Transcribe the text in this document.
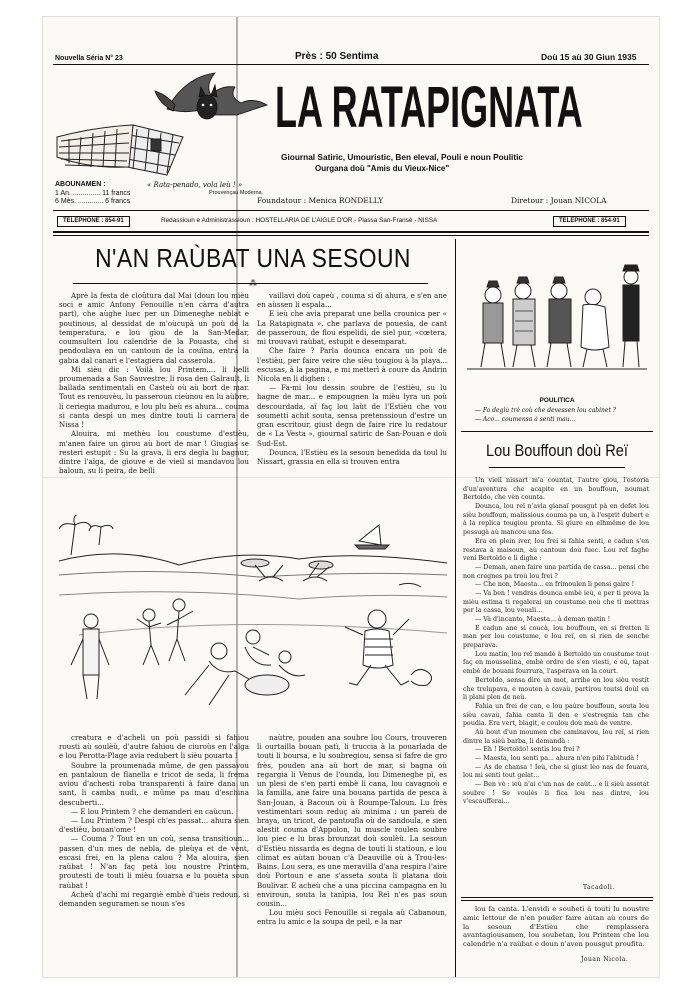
Nouvella Séria N° 23	Près : 50 Sentima	Doù 15 aù 30 Giun 1935
ABOUNAMEN :
1 An. .............. 11 francs
6 Mès. ............. 6 francs
« Rata-penado, vola leù ! »
Prouvençau Moderna.
LA RATAPIGNATA
Giournal Satiric, Umouristic, Ben eleval, Pouli e noun Poulitic
Ourgana doù "Amis du Vieux-Nice"
Foundatour : Menica RONDELLY	Diretour : Jouan NICOLA
TELEPHONE : 854-91	Redassioun e Administrassioun : HOSTELLARIA DE L'AIGLE D'OR - Plassa San-Fransè - NISSA	TELEPHONE : 854-91
N'AN RAÙBAT UNA SESOUN
⁂

Aprè la festa de cloûtura dal Mai (doun lou mièu soci e amic Antony Fenouille n'en càrra d'autra part), che aùghe luec per un Dimeneghe neblat e poutinous, al dessidat de m'oùcupà un poù de la temperatura, e lou gìou de la San-Medar, coumsulteri lou calendrìe de la Pouasta, che si pendoulava en un cantoun de la couïna, entra la gabia dal canari e l'estagiera dal casserola.

Mi sièu dic : Voilà lou Printem.... li belli proumenada a San Sauvestre, li rosa den Galrault, li ballada sentimentali en Casteù où aù bort de mar. Tout es renouvèu, lu passeroun cieùnou en lu aùbre, li ceriegia madurou, e lou plu beù es ahura... couma si canta despì un mes dintre touti li carriera de Nissa !

Alouira, mi methèu lou coustume d'estièu, m'anen faire un girou aù bort de mar ! Giugias se resteri estupit : Su la grava, li era degìa lu bagnur, dintre l'aïga, de gìouve e de vieil si mandavou lou baloun, su li peira, de belli

vaillavi doù capeù , couma si dì ahura, e s'en ane en aùssen li espala...

E ieù che avia preparat une bella crounica per « La Ratapignata », che parlava de pouesìa, de cant de passeroun, de flou espelidi, de siel pur, «cœtera, mi trouvavi raùbat, estupit e desemparat.

Che faire ? Parla dounca encara un poù de l'estièu, per faire veire che sièu tougiou à la playa... escusas, à la pagina, e mi metterì à coure da Andrin Nicola en li dighen :

— Fa-mi lou dessin soubre de l'estièu, su lu bagne de mar... e empougnen la mièu lyra un poù descourdada, aï faç lou laùt de l'Estièu che vou soumetti achit souta, sensa pretenssioun d'estre un gran escritour, giust degn de faire rire lu redatour de « La Vesta », giournal satiric de San-Pouan e doù Sud-Est.

Dounca, l'Estièu es la sesoun benedida da toul lu Nissart, grassia en ella si trouven entra

creatura e d'acheli un poù passidi si fahiou rousti aù soulèù, d'autre fahiou de ciuroùs en l'alga e lou Perotta-Plage avia redubert li sièu pouarta !

Soubre la proumenada mûme, de gen passavou en pantaloun de flanella e tricot de seda, li frema aviou d'achesti roba transparenti à faire dana un sant, li camba nudi, e mûme pa mau d'eschina descuberti...

— E lou Printem ? che demanderi en caùcun.

— Lou Printem ? Despì ch'es passat... ahura sien d'estièu, bouan'ome !

— Couma ? Tout en un coù, sensa transitioun... passen d'un mes de nebla, de pleùya et de vent, escasi frei, en la plena calou ? Ma alouira, sien raùbat ! N'an faç petà lou noustre Printem, proutesti de touti li mièu fouarsa e lu pouèta soun raùbat !

Acheù d'achi mi regargiè embè d'ueis redoun, si demanden seguramen se noun s'es

naùtre, pouden ana soubre lou Cours, trouveren li ourtailla bouan patì, li truccia à la pouarlada de touti li boursa, e lu soubregiou, sensa si fafre de gro frès, pouden ana aù bort de mar, si bagna où regargia li Venus de l'ounda, lou Dimeneghe pì, es un plesi de s'en parti embè li cana, lou cavagnoù e la familla, ane faire una bouana partida de pesca à San-Jouan, à Bacoun où à Roumpe-Taloun. Lu frès vestimentari soun reduç aù minima : un pareù de braya, un tricot, de pantoufla où de sandoula, e sien alestit couma d'Appolon, lu muscle roulen soubre lou piec e lu bras brounzat doù soulèù. La sesoun d'Estièu nissarda es degna de touti li statioun, e lou climat es aùtan bouan c'à Deauville où à Trou-les-Bains. Lou sera, es une meravilla d'ana respira l'aire doù Portoun e ane s'asseta souta li platana doù Boulivar. E acheù che a una piccina campagna en lu enviroun, souta la tanìpia, lou Reì n'es pas soun cousin...

Lou mièu soci Fenouille si regala aù Cabanoun, entra lu amic e la soupa de peil, e la nar

POULITICA
— Fa degìù trè coù che devessen lou cabinet ?
— Aco... coumensa à senti mau...
Lou Bouffoun doù Reï

Un vieil nissart m'a countat, l'autre gìou, l'estoria d'un'aventura che acapite en un bouffoun, noumat Bertoldo, che vèn counta.

Dounca, lou reï n'avìa gianaï pousgut pà en defet lou sièu bouffoun, malissious couma pa un, à l'esprit dubert e à la replica tougiou pronta. Si giure en elhmême de lou pessugà aù mancou una fes.

Era en plein iver, lou frei si fahia senti, e cadun s'en restava à maisoun, aù cantoun doù fuec. Lou reï faghe veni Bertoldo e li dighe :

— Deman, anen faire una partida de cassa... pensi che non cregnes pa troù lou frei ?

— Che non, Maesta... en frimoulen li pensi gaìre !

— Va ben ! vendras dounca embè ieù, e per ti prova la mièu estima ti regalerai un coustume noù che ti mettras per la cassa, lou vouali...

— Và d'incanto, Maesta... à deman matin !

E cadun ane si coucà, lou bouffoun, en si fretten li man per lou coustume, e lou reï, en si rien de senche preparava.

Lou matin, lou reï mandè à Bertoldo un coustume tout faç en mousselina, embè ordre de s'en viesti, e eù, tapat embè de bouani fourrura, l'asperava en la court.

Bertoldo, sensa dire un mot, arribe en lou sièu vestit che trelupava, e mouten à cavaù, partirou toutsi doùl en li plani plen de neù.

Fahia un frei de can, e lou paùre bouffoun, souta lou sièu cavaù, fahia canta li den e s'estregnia tan che poudia. Era vert, blagit, e coulou doù maù de ventre.

Aù bout d'un moumen che caminavou, lou reï, si rien dintre la sièù barba, li demandà :

— Eh ! Bertoldo! sentìs lou frei ?

— Maesta, lou senti pa... ahura n'en pihi l'abitudà !

— As de chansa ! Ieù, che si giust lèo nas de fouara, lou mi senti tout gelat...

— Ben vè : ieù n'ai c'un nas de caùt... e li sièù assetat soubre ! Se voulès li fica lou nas dintre, lou v'escaufferai...

Tacadoli.

lou fa canta. L'envidi e souhetì à touti lu noustre amic lettour de n'en pouder faire aùtan aù cours de la sesoun d'Estièu che remplassera avantagiousamen, lou soubetan, lou Printem che lou calendrìe n'a raùbat e doun n'aven pousgut proufita.

Jouan Nicola.
